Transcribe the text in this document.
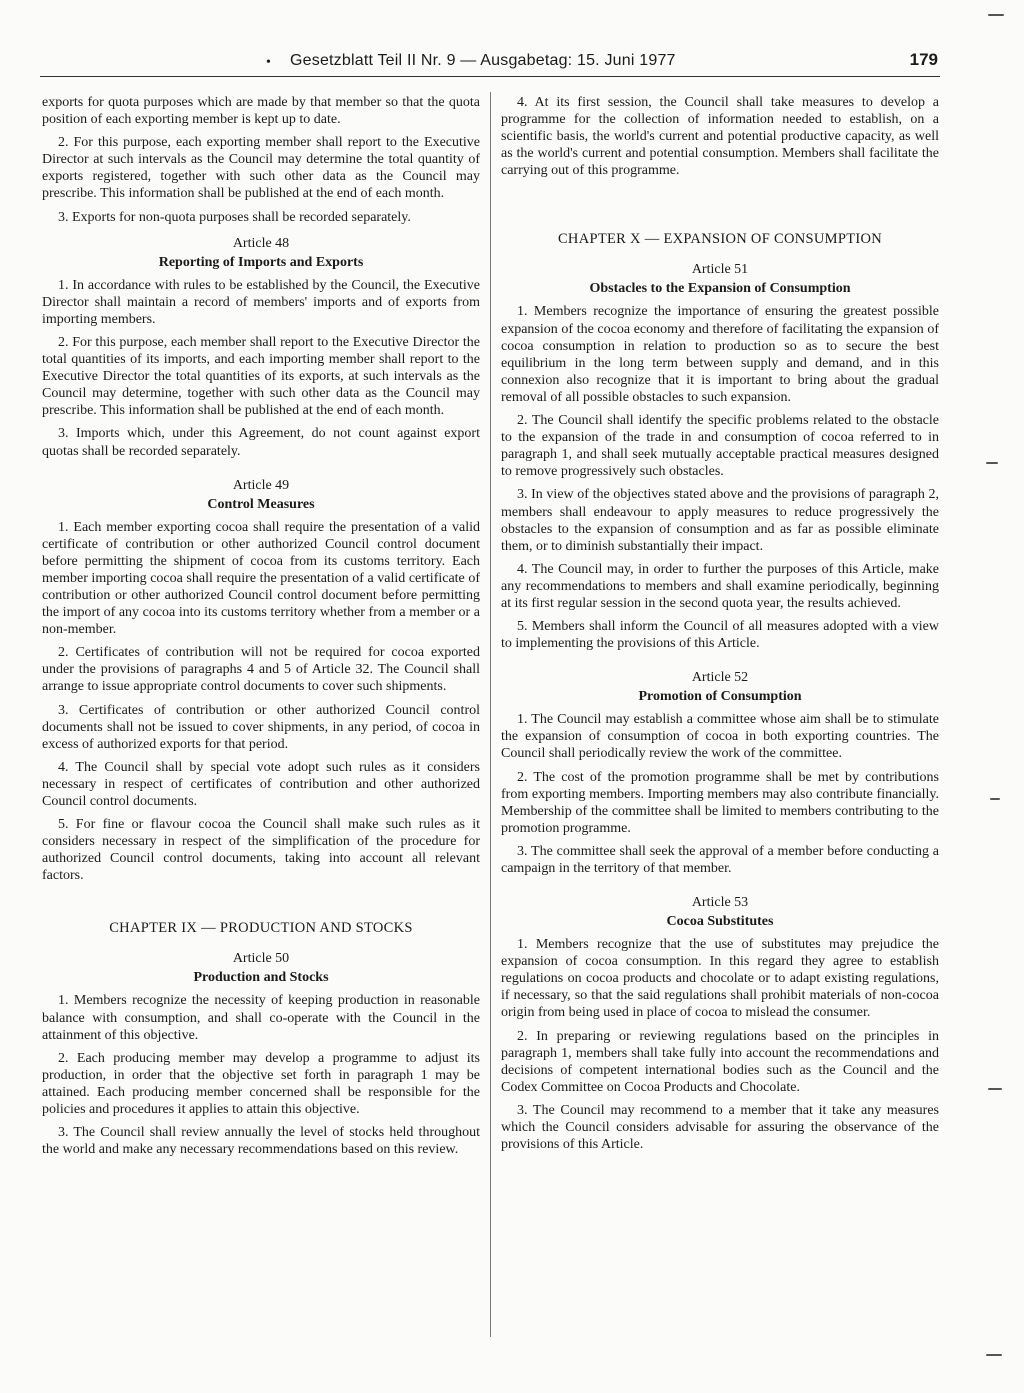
• Gesetzblatt Teil II Nr. 9 — Ausgabetag: 15. Juni 1977	179

exports for quota purposes which are made by that member so that the quota position of each exporting member is kept up to date.

2. For this purpose, each exporting member shall report to the Executive Director at such intervals as the Council may determine the total quantity of exports registered, together with such other data as the Council may prescribe. This information shall be published at the end of each month.

3. Exports for non-quota purposes shall be recorded separately.

Article 48
Reporting of Imports and Exports

1. In accordance with rules to be established by the Council, the Executive Director shall maintain a record of members' imports and of exports from importing members.

2. For this purpose, each member shall report to the Executive Director the total quantities of its imports, and each importing member shall report to the Executive Director the total quantities of its exports, at such intervals as the Council may determine, together with such other data as the Council may prescribe. This information shall be published at the end of each month.

3. Imports which, under this Agreement, do not count against export quotas shall be recorded separately.

Article 49
Control Measures

1. Each member exporting cocoa shall require the presentation of a valid certificate of contribution or other authorized Council control document before permitting the shipment of cocoa from its customs territory. Each member importing cocoa shall require the presentation of a valid certificate of contribution or other authorized Council control document before permitting the import of any cocoa into its customs territory whether from a member or a non-member.

2. Certificates of contribution will not be required for cocoa exported under the provisions of paragraphs 4 and 5 of Article 32. The Council shall arrange to issue appropriate control documents to cover such shipments.

3. Certificates of contribution or other authorized Council control documents shall not be issued to cover shipments, in any period, of cocoa in excess of authorized exports for that period.

4. The Council shall by special vote adopt such rules as it considers necessary in respect of certificates of contribution and other authorized Council control documents.

5. For fine or flavour cocoa the Council shall make such rules as it considers necessary in respect of the simplification of the procedure for authorized Council control documents, taking into account all relevant factors.

CHAPTER IX — PRODUCTION AND STOCKS
Article 50
Production and Stocks

1. Members recognize the necessity of keeping production in reasonable balance with consumption, and shall co-operate with the Council in the attainment of this objective.

2. Each producing member may develop a programme to adjust its production, in order that the objective set forth in paragraph 1 may be attained. Each producing member concerned shall be responsible for the policies and procedures it applies to attain this objective.

3. The Council shall review annually the level of stocks held throughout the world and make any necessary recommendations based on this review.

4. At its first session, the Council shall take measures to develop a programme for the collection of information needed to establish, on a scientific basis, the world's current and potential productive capacity, as well as the world's current and potential consumption. Members shall facilitate the carrying out of this programme.

CHAPTER X — EXPANSION OF CONSUMPTION
Article 51
Obstacles to the Expansion of Consumption

1. Members recognize the importance of ensuring the greatest possible expansion of the cocoa economy and therefore of facilitating the expansion of cocoa consumption in relation to production so as to secure the best equilibrium in the long term between supply and demand, and in this connexion also recognize that it is important to bring about the gradual removal of all possible obstacles to such expansion.

2. The Council shall identify the specific problems related to the obstacle to the expansion of the trade in and consumption of cocoa referred to in paragraph 1, and shall seek mutually acceptable practical measures designed to remove progressively such obstacles.

3. In view of the objectives stated above and the provisions of paragraph 2, members shall endeavour to apply measures to reduce progressively the obstacles to the expansion of consumption and as far as possible eliminate them, or to diminish substantially their impact.

4. The Council may, in order to further the purposes of this Article, make any recommendations to members and shall examine periodically, beginning at its first regular session in the second quota year, the results achieved.

5. Members shall inform the Council of all measures adopted with a view to implementing the provisions of this Article.

Article 52
Promotion of Consumption

1. The Council may establish a committee whose aim shall be to stimulate the expansion of consumption of cocoa in both exporting countries. The Council shall periodically review the work of the committee.

2. The cost of the promotion programme shall be met by contributions from exporting members. Importing members may also contribute financially. Membership of the committee shall be limited to members contributing to the promotion programme.

3. The committee shall seek the approval of a member before conducting a campaign in the territory of that member.

Article 53
Cocoa Substitutes

1. Members recognize that the use of substitutes may prejudice the expansion of cocoa consumption. In this regard they agree to establish regulations on cocoa products and chocolate or to adapt existing regulations, if necessary, so that the said regulations shall prohibit materials of non-cocoa origin from being used in place of cocoa to mislead the consumer.

2. In preparing or reviewing regulations based on the principles in paragraph 1, members shall take fully into account the recommendations and decisions of competent international bodies such as the Council and the Codex Committee on Cocoa Products and Chocolate.

3. The Council may recommend to a member that it take any measures which the Council considers advisable for assuring the observance of the provisions of this Article.
